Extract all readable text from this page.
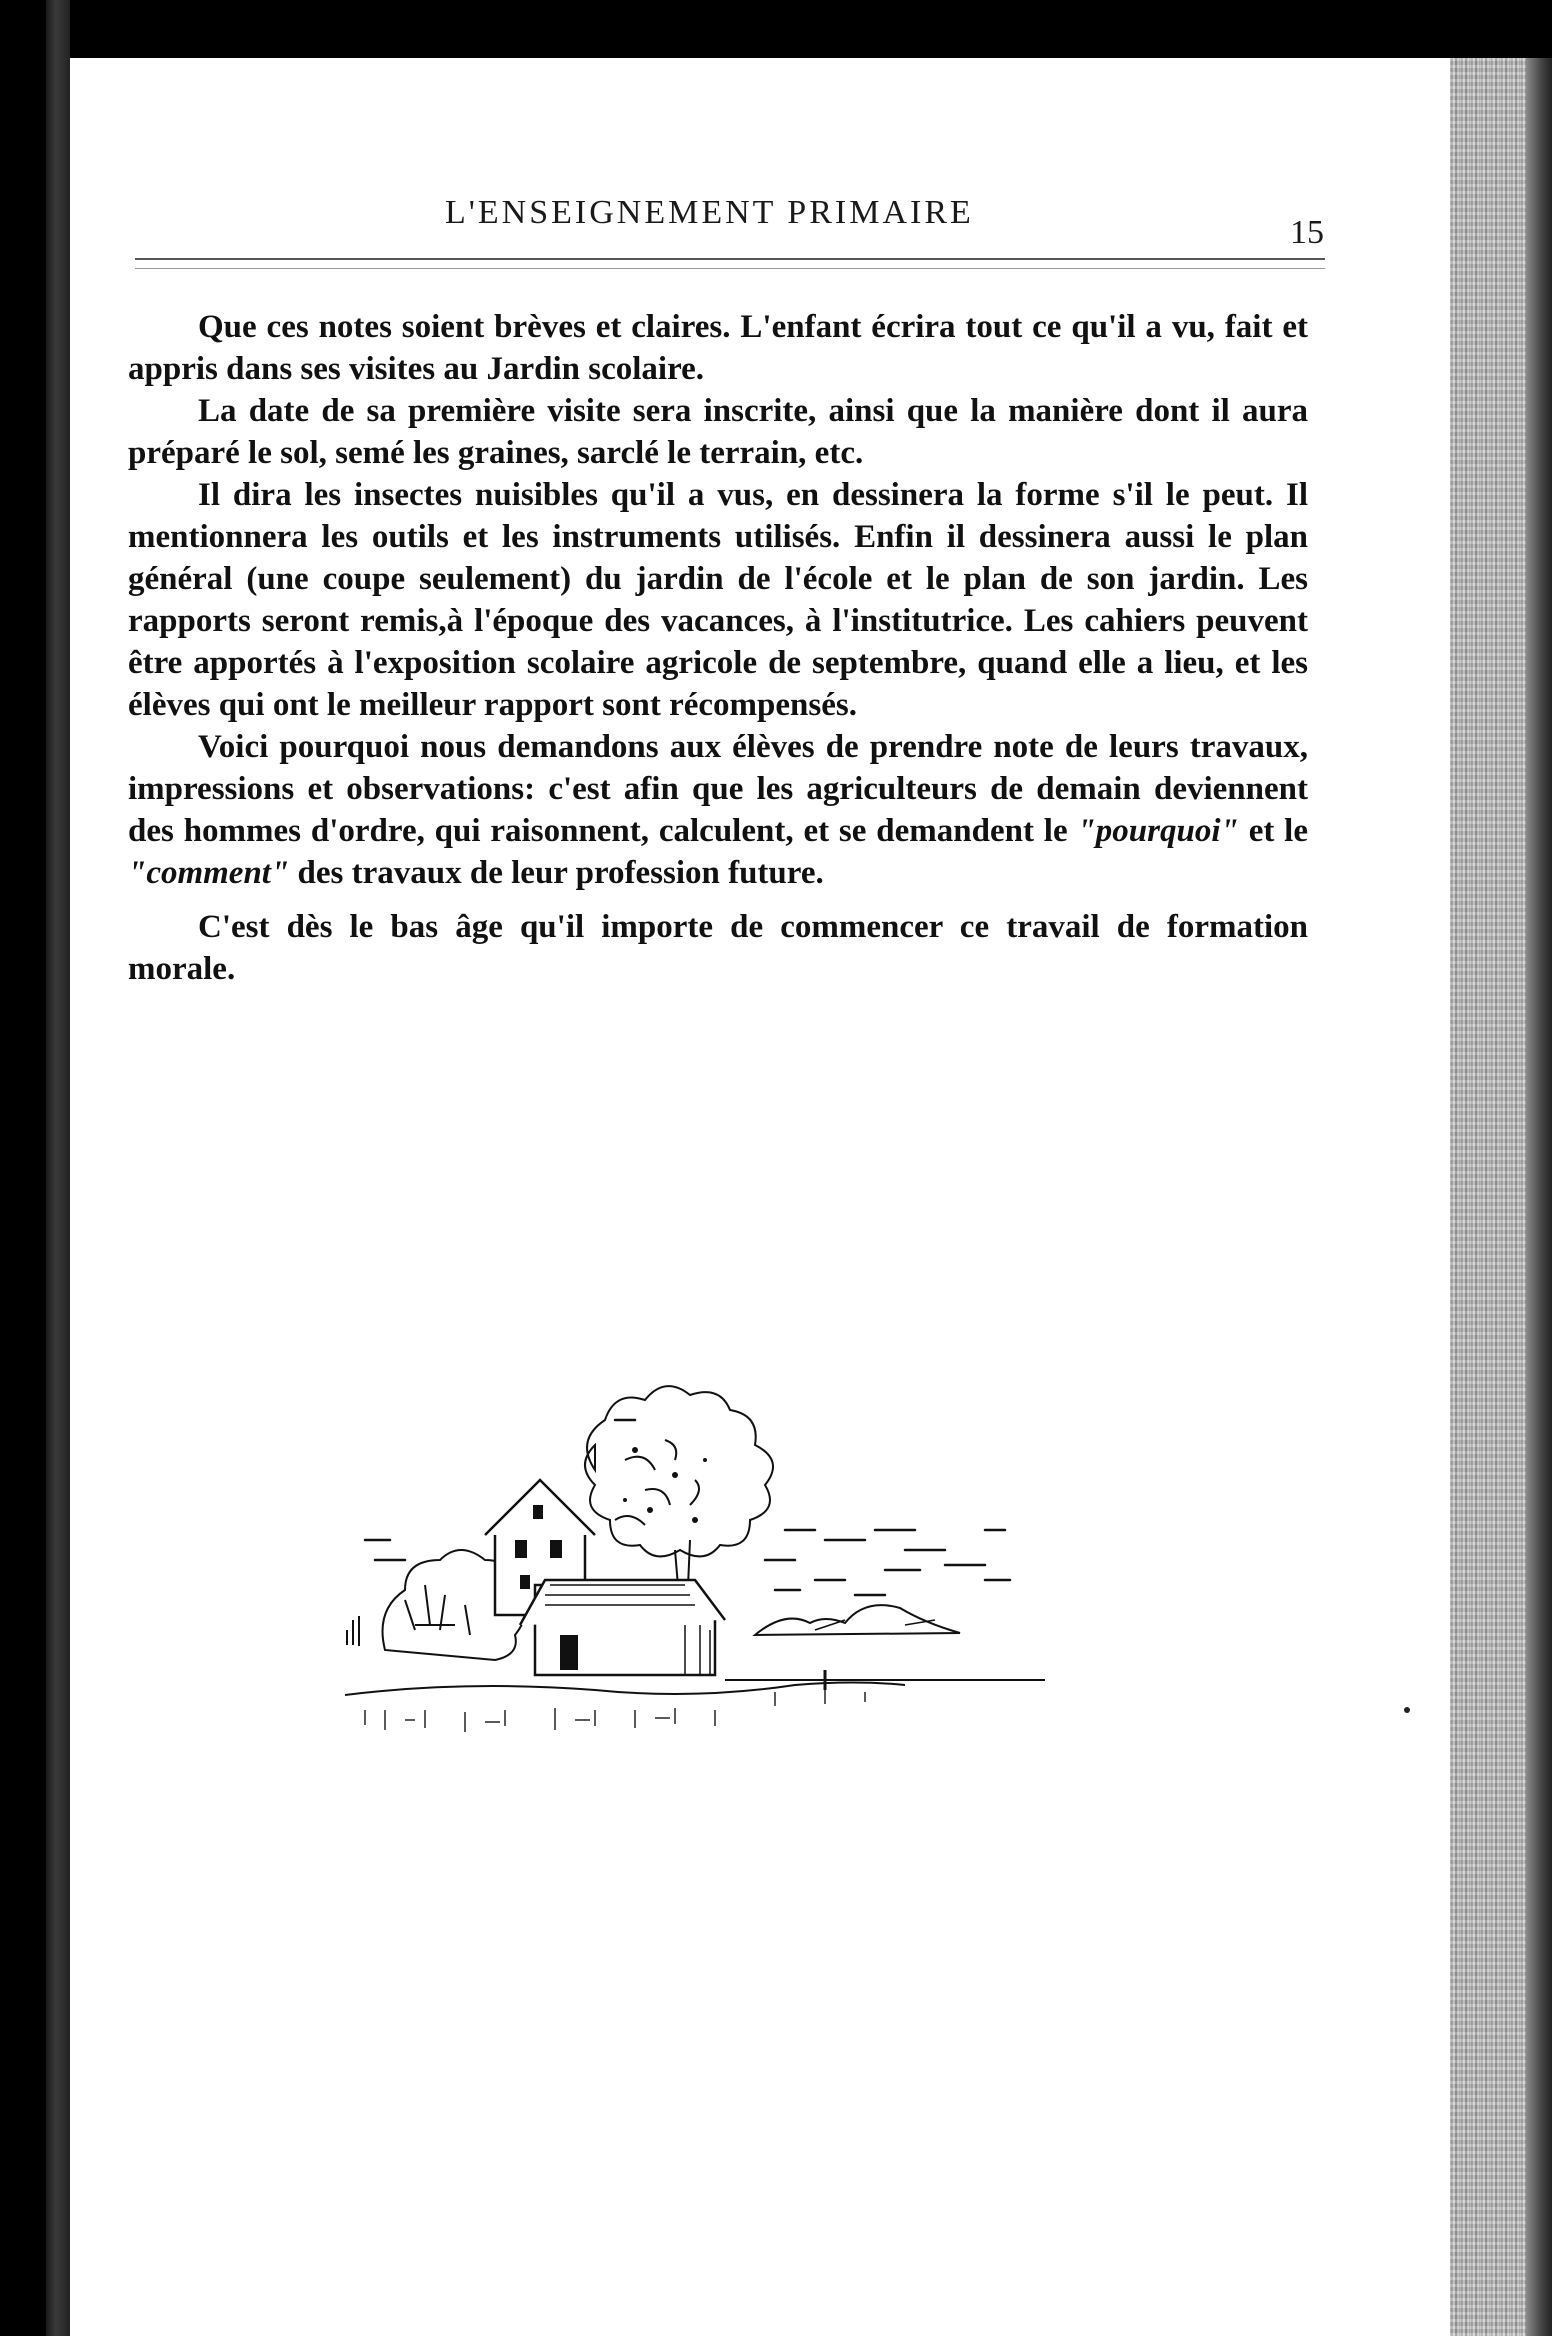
L'ENSEIGNEMENT PRIMAIRE
15

Que ces notes soient brèves et claires. L'enfant écrira tout ce qu'il a vu, fait et appris dans ses visites au Jardin scolaire.

La date de sa première visite sera inscrite, ainsi que la manière dont il aura préparé le sol, semé les graines, sarclé le terrain, etc.

Il dira les insectes nuisibles qu'il a vus, en dessinera la forme s'il le peut. Il mentionnera les outils et les instruments utilisés. Enfin il dessinera aussi le plan général (une coupe seulement) du jardin de l'école et le plan de son jardin. Les rapports seront remis,à l'époque des vacances, à l'institutrice. Les cahiers peuvent être apportés à l'exposition scolaire agricole de septembre, quand elle a lieu, et les élèves qui ont le meilleur rapport sont récompensés.

Voici pourquoi nous demandons aux élèves de prendre note de leurs travaux, impressions et observations: c'est afin que les agriculteurs de demain deviennent des hommes d'ordre, qui raisonnent, calculent, et se demandent le "pourquoi" et le "comment" des travaux de leur profession future.

C'est dès le bas âge qu'il importe de commencer ce travail de formation morale.
